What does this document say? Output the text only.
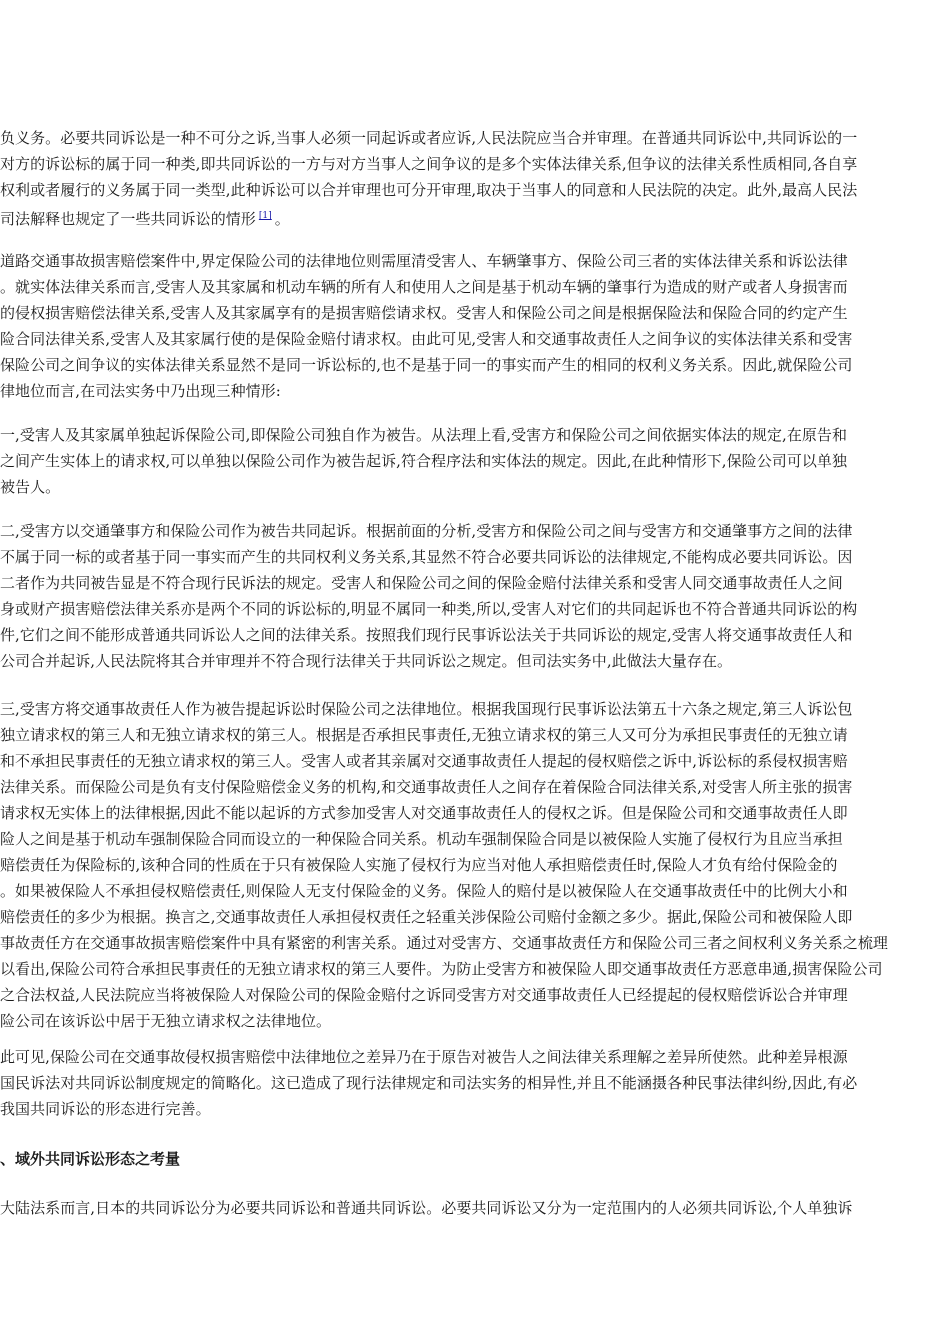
负义务。必要共同诉讼是一种不可分之诉,当事人必须一同起诉或者应诉,人民法院应当合并审理。在普通共同诉讼中,共同诉讼的一
对方的诉讼标的属于同一种类,即共同诉讼的一方与对方当事人之间争议的是多个实体法律关系,但争议的法律关系性质相同,各自享
权利或者履行的义务属于同一类型,此种诉讼可以合并审理也可分开审理,取决于当事人的同意和人民法院的决定。此外,最高人民法
司法解释也规定了一些共同诉讼的情形 [1] 。
道路交通事故损害赔偿案件中,界定保险公司的法律地位则需厘清受害人、车辆肇事方、保险公司三者的实体法律关系和诉讼法律
。就实体法律关系而言,受害人及其家属和机动车辆的所有人和使用人之间是基于机动车辆的肇事行为造成的财产或者人身损害而
的侵权损害赔偿法律关系,受害人及其家属享有的是损害赔偿请求权。受害人和保险公司之间是根据保险法和保险合同的约定产生
险合同法律关系,受害人及其家属行使的是保险金赔付请求权。由此可见,受害人和交通事故责任人之间争议的实体法律关系和受害
保险公司之间争议的实体法律关系显然不是同一诉讼标的,也不是基于同一的事实而产生的相同的权利义务关系。因此,就保险公司
律地位而言,在司法实务中乃出现三种情形:
一,受害人及其家属单独起诉保险公司,即保险公司独自作为被告。从法理上看,受害方和保险公司之间依据实体法的规定,在原告和
之间产生实体上的请求权,可以单独以保险公司作为被告起诉,符合程序法和实体法的规定。因此,在此种情形下,保险公司可以单独
被告人。
二,受害方以交通肇事方和保险公司作为被告共同起诉。根据前面的分析,受害方和保险公司之间与受害方和交通肇事方之间的法律
不属于同一标的或者基于同一事实而产生的共同权利义务关系,其显然不符合必要共同诉讼的法律规定,不能构成必要共同诉讼。因
二者作为共同被告显是不符合现行民诉法的规定。受害人和保险公司之间的保险金赔付法律关系和受害人同交通事故责任人之间
身或财产损害赔偿法律关系亦是两个不同的诉讼标的,明显不属同一种类,所以,受害人对它们的共同起诉也不符合普通共同诉讼的构
件,它们之间不能形成普通共同诉讼人之间的法律关系。按照我们现行民事诉讼法关于共同诉讼的规定,受害人将交通事故责任人和
公司合并起诉,人民法院将其合并审理并不符合现行法律关于共同诉讼之规定。但司法实务中,此做法大量存在。
三,受害方将交通事故责任人作为被告提起诉讼时保险公司之法律地位。根据我国现行民事诉讼法第五十六条之规定,第三人诉讼包
独立请求权的第三人和无独立请求权的第三人。根据是否承担民事责任,无独立请求权的第三人又可分为承担民事责任的无独立请
和不承担民事责任的无独立请求权的第三人。受害人或者其亲属对交通事故责任人提起的侵权赔偿之诉中,诉讼标的系侵权损害赔
法律关系。而保险公司是负有支付保险赔偿金义务的机构,和交通事故责任人之间存在着保险合同法律关系,对受害人所主张的损害
请求权无实体上的法律根据,因此不能以起诉的方式参加受害人对交通事故责任人的侵权之诉。但是保险公司和交通事故责任人即
险人之间是基于机动车强制保险合同而设立的一种保险合同关系。机动车强制保险合同是以被保险人实施了侵权行为且应当承担
赔偿责任为保险标的,该种合同的性质在于只有被保险人实施了侵权行为应当对他人承担赔偿责任时,保险人才负有给付保险金的
。如果被保险人不承担侵权赔偿责任,则保险人无支付保险金的义务。保险人的赔付是以被保险人在交通事故责任中的比例大小和
赔偿责任的多少为根据。换言之,交通事故责任人承担侵权责任之轻重关涉保险公司赔付金额之多少。据此,保险公司和被保险人即
事故责任方在交通事故损害赔偿案件中具有紧密的利害关系。通过对受害方、交通事故责任方和保险公司三者之间权利义务关系之梳理
以看出,保险公司符合承担民事责任的无独立请求权的第三人要件。为防止受害方和被保险人即交通事故责任方恶意串通,损害保险公司
之合法权益,人民法院应当将被保险人对保险公司的保险金赔付之诉同受害方对交通事故责任人已经提起的侵权赔偿诉讼合并审理
险公司在该诉讼中居于无独立请求权之法律地位。
此可见,保险公司在交通事故侵权损害赔偿中法律地位之差异乃在于原告对被告人之间法律关系理解之差异所使然。此种差异根源
国民诉法对共同诉讼制度规定的简略化。这已造成了现行法律规定和司法实务的相异性,并且不能涵摄各种民事法律纠纷,因此,有必
我国共同诉讼的形态进行完善。
、域外共同诉讼形态之考量
大陆法系而言,日本的共同诉讼分为必要共同诉讼和普通共同诉讼。必要共同诉讼又分为一定范围内的人必须共同诉讼,个人单独诉
